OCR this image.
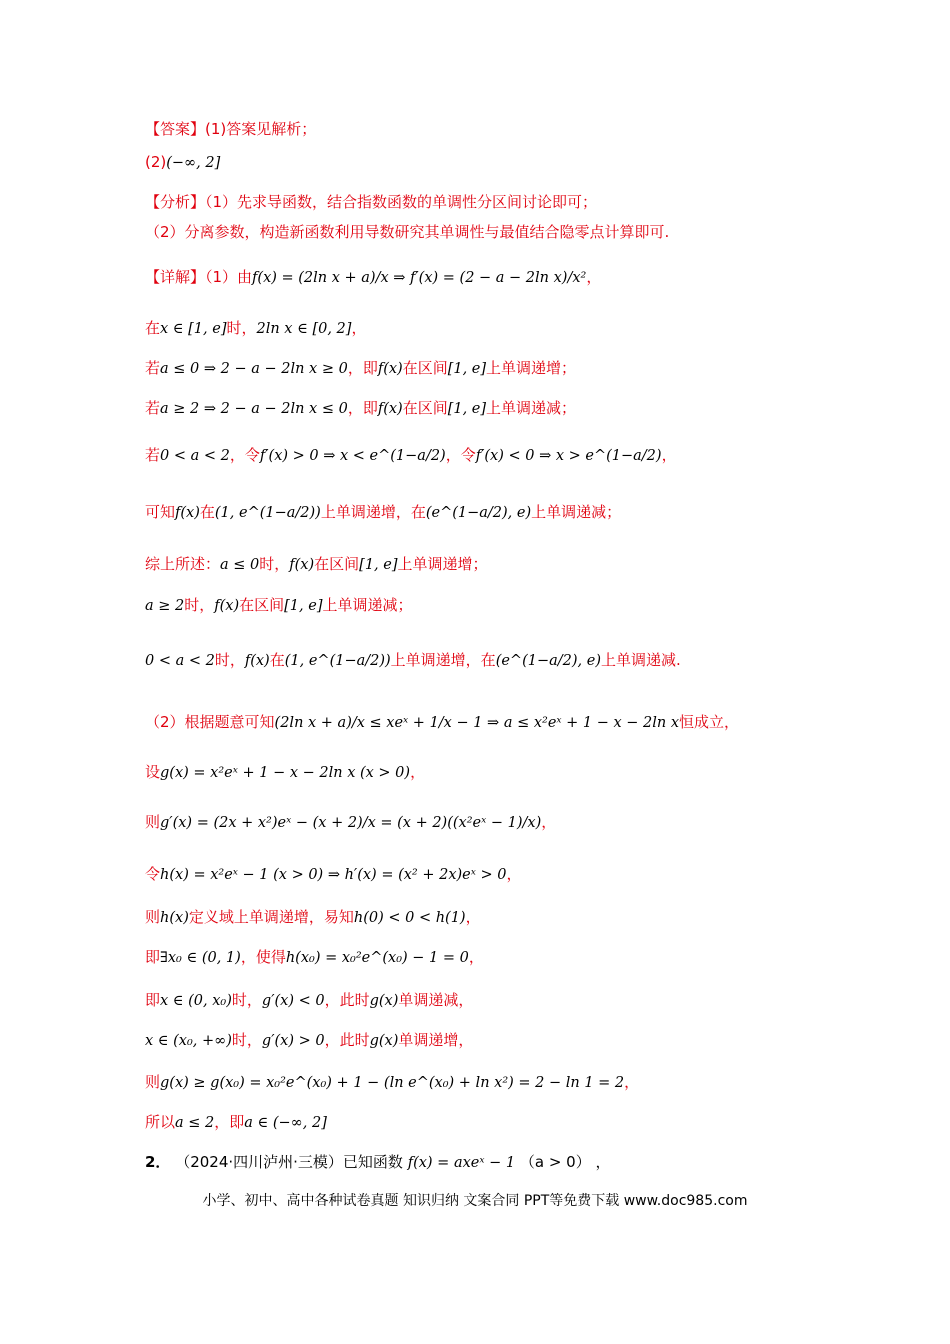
【答案】(1)答案见解析；
(2)(−∞, 2]
【分析】（1）先求导函数，结合指数函数的单调性分区间讨论即可；
（2）分离参数，构造新函数利用导数研究其单调性与最值结合隐零点计算即可.
【详解】（1）由f(x) = (2ln x + a)/x ⇒ f′(x) = (2 − a − 2ln x)/x²，
在x ∈ [1, e]时，2ln x ∈ [0, 2]，
若a ≤ 0 ⇒ 2 − a − 2ln x ≥ 0，即f(x)在区间[1, e]上单调递增；
若a ≥ 2 ⇒ 2 − a − 2ln x ≤ 0，即f(x)在区间[1, e]上单调递减；
若0 < a < 2，令f′(x) > 0 ⇒ x < e^(1−a/2)，令f′(x) < 0 ⇒ x > e^(1−a/2)，
可知f(x)在(1, e^(1−a/2))上单调递增，在(e^(1−a/2), e)上单调递减；
综上所述：a ≤ 0时，f(x)在区间[1, e]上单调递增；
a ≥ 2时，f(x)在区间[1, e]上单调递减；
0 < a < 2时，f(x)在(1, e^(1−a/2))上单调递增，在(e^(1−a/2), e)上单调递减.
（2）根据题意可知(2ln x + a)/x ≤ xeˣ + 1/x − 1 ⇒ a ≤ x²eˣ + 1 − x − 2ln x恒成立，
设g(x) = x²eˣ + 1 − x − 2ln x (x > 0)，
则g′(x) = (2x + x²)eˣ − (x + 2)/x = (x + 2)((x²eˣ − 1)/x)，
令h(x) = x²eˣ − 1 (x > 0) ⇒ h′(x) = (x² + 2x)eˣ > 0，
则h(x)定义域上单调递增，易知h(0) < 0 < h(1)，
即∃x₀ ∈ (0, 1)，使得h(x₀) = x₀²e^(x₀) − 1 = 0，
即x ∈ (0, x₀)时，g′(x) < 0，此时g(x)单调递减，
x ∈ (x₀, +∞)时，g′(x) > 0，此时g(x)单调递增，
则g(x) ≥ g(x₀) = x₀²e^(x₀) + 1 − (ln e^(x₀) + ln x²) = 2 − ln 1 = 2，
所以a ≤ 2，即a ∈ (−∞, 2]
2． （2024·四川泸州·三模）已知函数 f(x) = axeˣ − 1 （a > 0） ，
小学、初中、高中各种试卷真题 知识归纳 文案合同 PPT等免费下载 www.doc985.com
